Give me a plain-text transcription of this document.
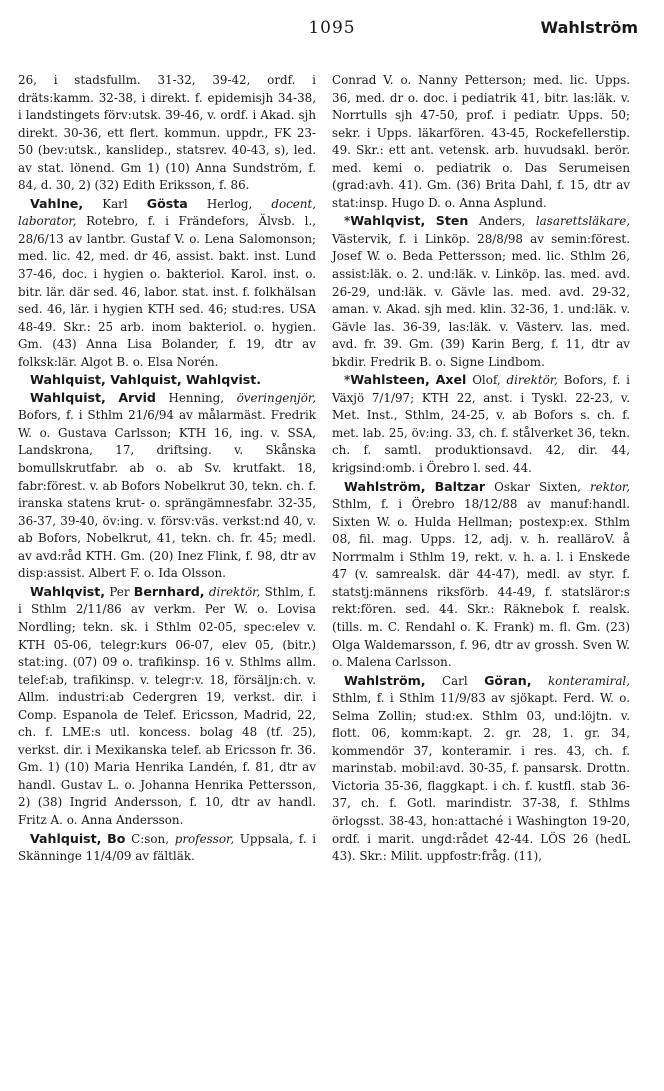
1095	Wahlström

26, i stadsfullm. 31-32, 39-42, ordf. i dräts:kamm. 32-38, i direkt. f. epidemisjh 34-38, i landstingets förv:utsk. 39-46, v. ordf. i Akad. sjh direkt. 30-36, ett flert. kommun. uppdr., FK 23-50 (bev:utsk., kanslidep., statsrev. 40-43, s), led. av stat. lönend. Gm 1) (10) Anna Sundström, f. 84, d. 30, 2) (32) Edith Eriksson, f. 86.

Vahlne, Karl Gösta Herlog, docent, laborator, Rotebro, f. i Frändefors, Älvsb. l., 28/6/13 av lantbr. Gustaf V. o. Lena Salomonson; med. lic. 42, med. dr 46, assist. bakt. inst. Lund 37-46, doc. i hygien o. bakteriol. Karol. inst. o. bitr. lär. där sed. 46, labor. stat. inst. f. folkhälsan sed. 46, lär. i hygien KTH sed. 46; stud:res. USA 48-49. Skr.: 25 arb. inom bakteriol. o. hygien. Gm. (43) Anna Lisa Bolander, f. 19, dtr av folksk:lär. Algot B. o. Elsa Norén.

Wahlquist, Vahlquist, Wahlqvist.

Wahlquist, Arvid Henning, överingenjör, Bofors, f. i Sthlm 21/6/94 av målarmäst. Fredrik W. o. Gustava Carlsson; KTH 16, ing. v. SSA, Landskrona, 17, driftsing. v. Skånska bomullskrutfabr. ab o. ab Sv. krutfakt. 18, fabr:förest. v. ab Bofors Nobelkrut 30, tekn. ch. f. iranska statens krut- o. sprängämnesfabr. 32-35, 36-37, 39-40, öv:ing. v. försv:väs. verkst:nd 40, v. ab Bofors, Nobelkrut, 41, tekn. ch. fr. 45; medl. av avd:råd KTH. Gm. (20) Inez Flink, f. 98, dtr av disp:assist. Albert F. o. Ida Olsson.

Wahlqvist, Per Bernhard, direktör, Sthlm, f. i Sthlm 2/11/86 av verkm. Per W. o. Lovisa Nordling; tekn. sk. i Sthlm 02-05, spec:elev v. KTH 05-06, telegr:kurs 06-07, elev 05, (bitr.) stat:ing. (07) 09 o. trafikinsp. 16 v. Sthlms allm. telef:ab, trafikinsp. v. telegr:v. 18, försäljn:ch. v. Allm. industri:ab Cedergren 19, verkst. dir. i Comp. Espanola de Telef. Ericsson, Madrid, 22, ch. f. LME:s utl. koncess. bolag 48 (tf. 25), verkst. dir. i Mexikanska telef. ab Ericsson fr. 36. Gm. 1) (10) Maria Henrika Landén, f. 81, dtr av handl. Gustav L. o. Johanna Henrika Pettersson, 2) (38) Ingrid Andersson, f. 10, dtr av handl. Fritz A. o. Anna Andersson.

Vahlquist, Bo C:son, professor, Uppsala, f. i Skänninge 11/4/09 av fältläk.

Conrad V. o. Nanny Petterson; med. lic. Upps. 36, med. dr o. doc. i pediatrik 41, bitr. las:läk. v. Norrtulls sjh 47-50, prof. i pediatr. Upps. 50; sekr. i Upps. läkarfören. 43-45, Rockefellerstip. 49. Skr.: ett ant. vetensk. arb. huvudsakl. berör. med. kemi o. pediatrik o. Das Serumeisen (grad:avh. 41). Gm. (36) Brita Dahl, f. 15, dtr av stat:insp. Hugo D. o. Anna Asplund.

*Wahlqvist, Sten Anders, lasarettsläkare, Västervik, f. i Linköp. 28/8/98 av semin:förest. Josef W. o. Beda Pettersson; med. lic. Sthlm 26, assist:läk. o. 2. und:läk. v. Linköp. las. med. avd. 26-29, und:läk. v. Gävle las. med. avd. 29-32, aman. v. Akad. sjh med. klin. 32-36, 1. und:läk. v. Gävle las. 36-39, las:läk. v. Västerv. las. med. avd. fr. 39. Gm. (39) Karin Berg, f. 11, dtr av bkdir. Fredrik B. o. Signe Lindbom.

*Wahlsteen, Axel Olof, direktör, Bofors, f. i Växjö 7/1/97; KTH 22, anst. i Tyskl. 22-23, v. Met. Inst., Sthlm, 24-25, v. ab Bofors s. ch. f. met. lab. 25, öv:ing. 33, ch. f. stålverket 36, tekn. ch. f. samtl. produktionsavd. 42, dir. 44, krigsind:omb. i Örebro l. sed. 44.

Wahlström, Baltzar Oskar Sixten, rektor, Sthlm, f. i Örebro 18/12/88 av manuf:handl. Sixten W. o. Hulda Hellman; postexp:ex. Sthlm 08, fil. mag. Upps. 12, adj. v. h. realläroV. å Norrmalm i Sthlm 19, rekt. v. h. a. l. i Enskede 47 (v. samrealsk. där 44-47), medl. av styr. f. statstj:männens riksförb. 44-49, f. statsläror:s rekt:fören. sed. 44. Skr.: Räknebok f. realsk. (tills. m. C. Rendahl o. K. Frank) m. fl. Gm. (23) Olga Waldemarsson, f. 96, dtr av grossh. Sven W. o. Malena Carlsson.

Wahlström, Carl Göran, konteramiral, Sthlm, f. i Sthlm 11/9/83 av sjökapt. Ferd. W. o. Selma Zollin; stud:ex. Sthlm 03, und:löjtn. v. flott. 06, komm:kapt. 2. gr. 28, 1. gr. 34, kommendör 37, konteramir. i res. 43, ch. f. marinstab. mobil:avd. 30-35, f. pansarsk. Drottn. Victoria 35-36, flaggkapt. i ch. f. kustfl. stab 36-37, ch. f. Gotl. marindistr. 37-38, f. Sthlms örlogsst. 38-43, hon:attaché i Washington 19-20, ordf. i marit. ungd:rådet 42-44. LÖS 26 (hedL 43). Skr.: Milit. uppfostr:fråg. (11),
